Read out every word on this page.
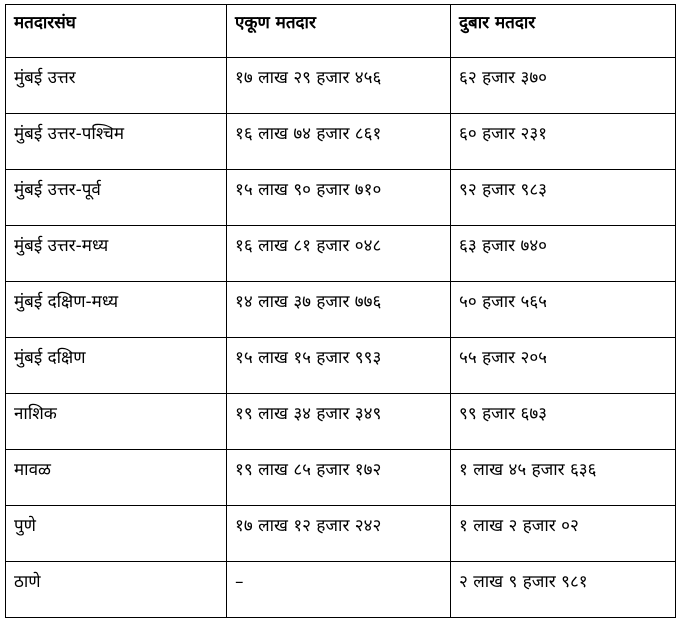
मतदारसंघ	एकूण मतदार	दुबार मतदार
मुंबई उत्तर	१७ लाख २९ हजार ४५६	६२ हजार ३७०
मुंबई उत्तर-पश्चिम	१६ लाख ७४ हजार ८६१	६० हजार २३१
मुंबई उत्तर-पूर्व	१५ लाख ९० हजार ७१०	९२ हजार ९८३
मुंबई उत्तर-मध्य	१६ लाख ८१ हजार ०४८	६३ हजार ७४०
मुंबई दक्षिण-मध्य	१४ लाख ३७ हजार ७७६	५० हजार ५६५
मुंबई दक्षिण	१५ लाख १५ हजार ९९३	५५ हजार २०५
नाशिक	१९ लाख ३४ हजार ३४९	९९ हजार ६७३
मावळ	१९ लाख ८५ हजार १७२	१ लाख ४५ हजार ६३६
पुणे	१७ लाख १२ हजार २४२	१ लाख २ हजार ०२
ठाणे	–	२ लाख ९ हजार ९८१
